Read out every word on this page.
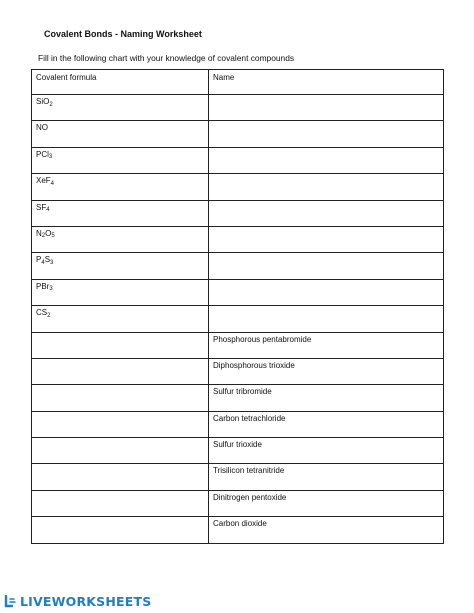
Covalent Bonds - Naming Worksheet
Fill in the following chart with your knowledge of covalent compounds
Covalent formula	Name
SiO$_2$	
NO	
PCl$_3$	
XeF$_4$	
$SF_4$	
$N_2O_5$	
$P_4S_3$	
PBr$_3$	
$CS_2$	
	Phosphorous pentabromide
	Diphosphorous trioxide
	Sulfur tribromide
	Carbon tetrachloride
	Sulfur trioxide
	Trisilicon tetranitride
	Dinitrogen pentoxide
	Carbon dioxide
LIVEWORKSHEETS
